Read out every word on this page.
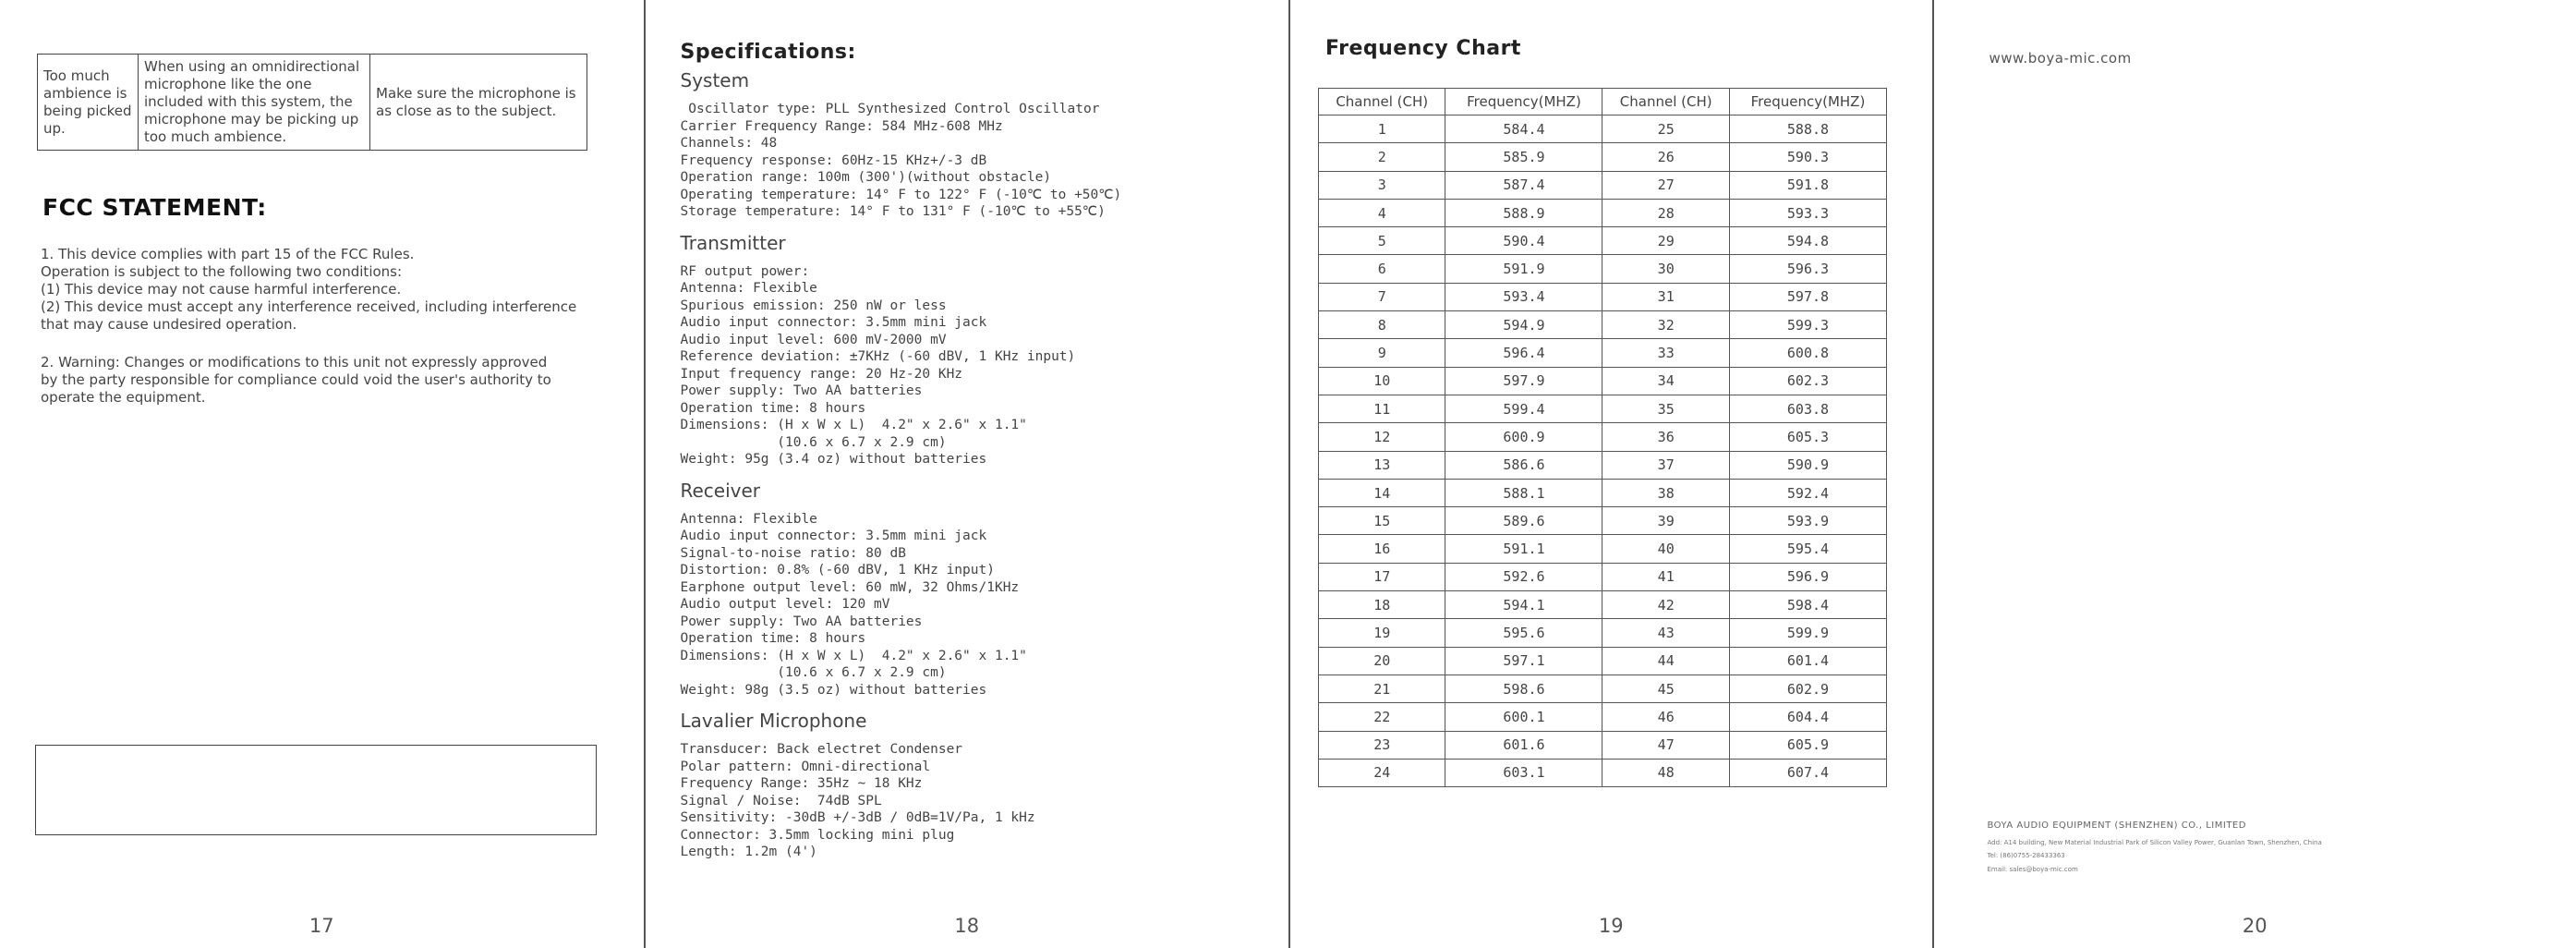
Too much ambience is being picked up.	When using an omnidirectional microphone like the one included with this system, the microphone may be picking up too much ambience.	Make sure the microphone is as close as to the subject.
FCC STATEMENT:
1. This device complies with part 15 of the FCC Rules.
Operation is subject to the following two conditions:
(1) This device may not cause harmful interference.
(2) This device must accept any interference received, including interference
that may cause undesired operation.
2. Warning: Changes or modifications to this unit not expressly approved
by the party responsible for compliance could void the user's authority to
operate the equipment.
17
Specifications:
System
Oscillator type: PLL Synthesized Control Oscillator
Carrier Frequency Range: 584 MHz-608 MHz
Channels: 48
Frequency response: 60Hz-15 KHz+/-3 dB
Operation range: 100m (300')(without obstacle)
Operating temperature: 14° F to 122° F (-10℃ to +50℃)
Storage temperature: 14° F to 131° F (-10℃ to +55℃)
Transmitter
RF output power:
Antenna: Flexible
Spurious emission: 250 nW or less
Audio input connector: 3.5mm mini jack
Audio input level: 600 mV-2000 mV
Reference deviation: ±7KHz (-60 dBV, 1 KHz input)
Input frequency range: 20 Hz-20 KHz
Power supply: Two AA batteries
Operation time: 8 hours
Dimensions: (H x W x L)  4.2" x 2.6" x 1.1"
(10.6 x 6.7 x 2.9 cm)
Weight: 95g (3.4 oz) without batteries
Receiver
Antenna: Flexible
Audio input connector: 3.5mm mini jack
Signal-to-noise ratio: 80 dB
Distortion: 0.8% (-60 dBV, 1 KHz input)
Earphone output level: 60 mW, 32 Ohms/1KHz
Audio output level: 120 mV
Power supply: Two AA batteries
Operation time: 8 hours
Dimensions: (H x W x L)  4.2" x 2.6" x 1.1"
(10.6 x 6.7 x 2.9 cm)
Weight: 98g (3.5 oz) without batteries
Lavalier Microphone
Transducer: Back electret Condenser
Polar pattern: Omni-directional
Frequency Range: 35Hz ~ 18 KHz
Signal / Noise:  74dB SPL
Sensitivity: -30dB +/-3dB / 0dB=1V/Pa, 1 kHz
Connector: 3.5mm locking mini plug
Length: 1.2m (4')
18
Frequency Chart
Channel (CH)	Frequency(MHZ)	Channel (CH)	Frequency(MHZ)
1	584.4	25	588.8
2	585.9	26	590.3
3	587.4	27	591.8
4	588.9	28	593.3
5	590.4	29	594.8
6	591.9	30	596.3
7	593.4	31	597.8
8	594.9	32	599.3
9	596.4	33	600.8
10	597.9	34	602.3
11	599.4	35	603.8
12	600.9	36	605.3
13	586.6	37	590.9
14	588.1	38	592.4
15	589.6	39	593.9
16	591.1	40	595.4
17	592.6	41	596.9
18	594.1	42	598.4
19	595.6	43	599.9
20	597.1	44	601.4
21	598.6	45	602.9
22	600.1	46	604.4
23	601.6	47	605.9
24	603.1	48	607.4
19
www.boya-mic.com
BOYA AUDIO EQUIPMENT (SHENZHEN) CO., LIMITED
Add: A14 building, New Material Industrial Park of Silicon Valley Power, Guanlan Town, Shenzhen, China
Tel: (86)0755-28433363
Email: sales@boya-mic.com
20
